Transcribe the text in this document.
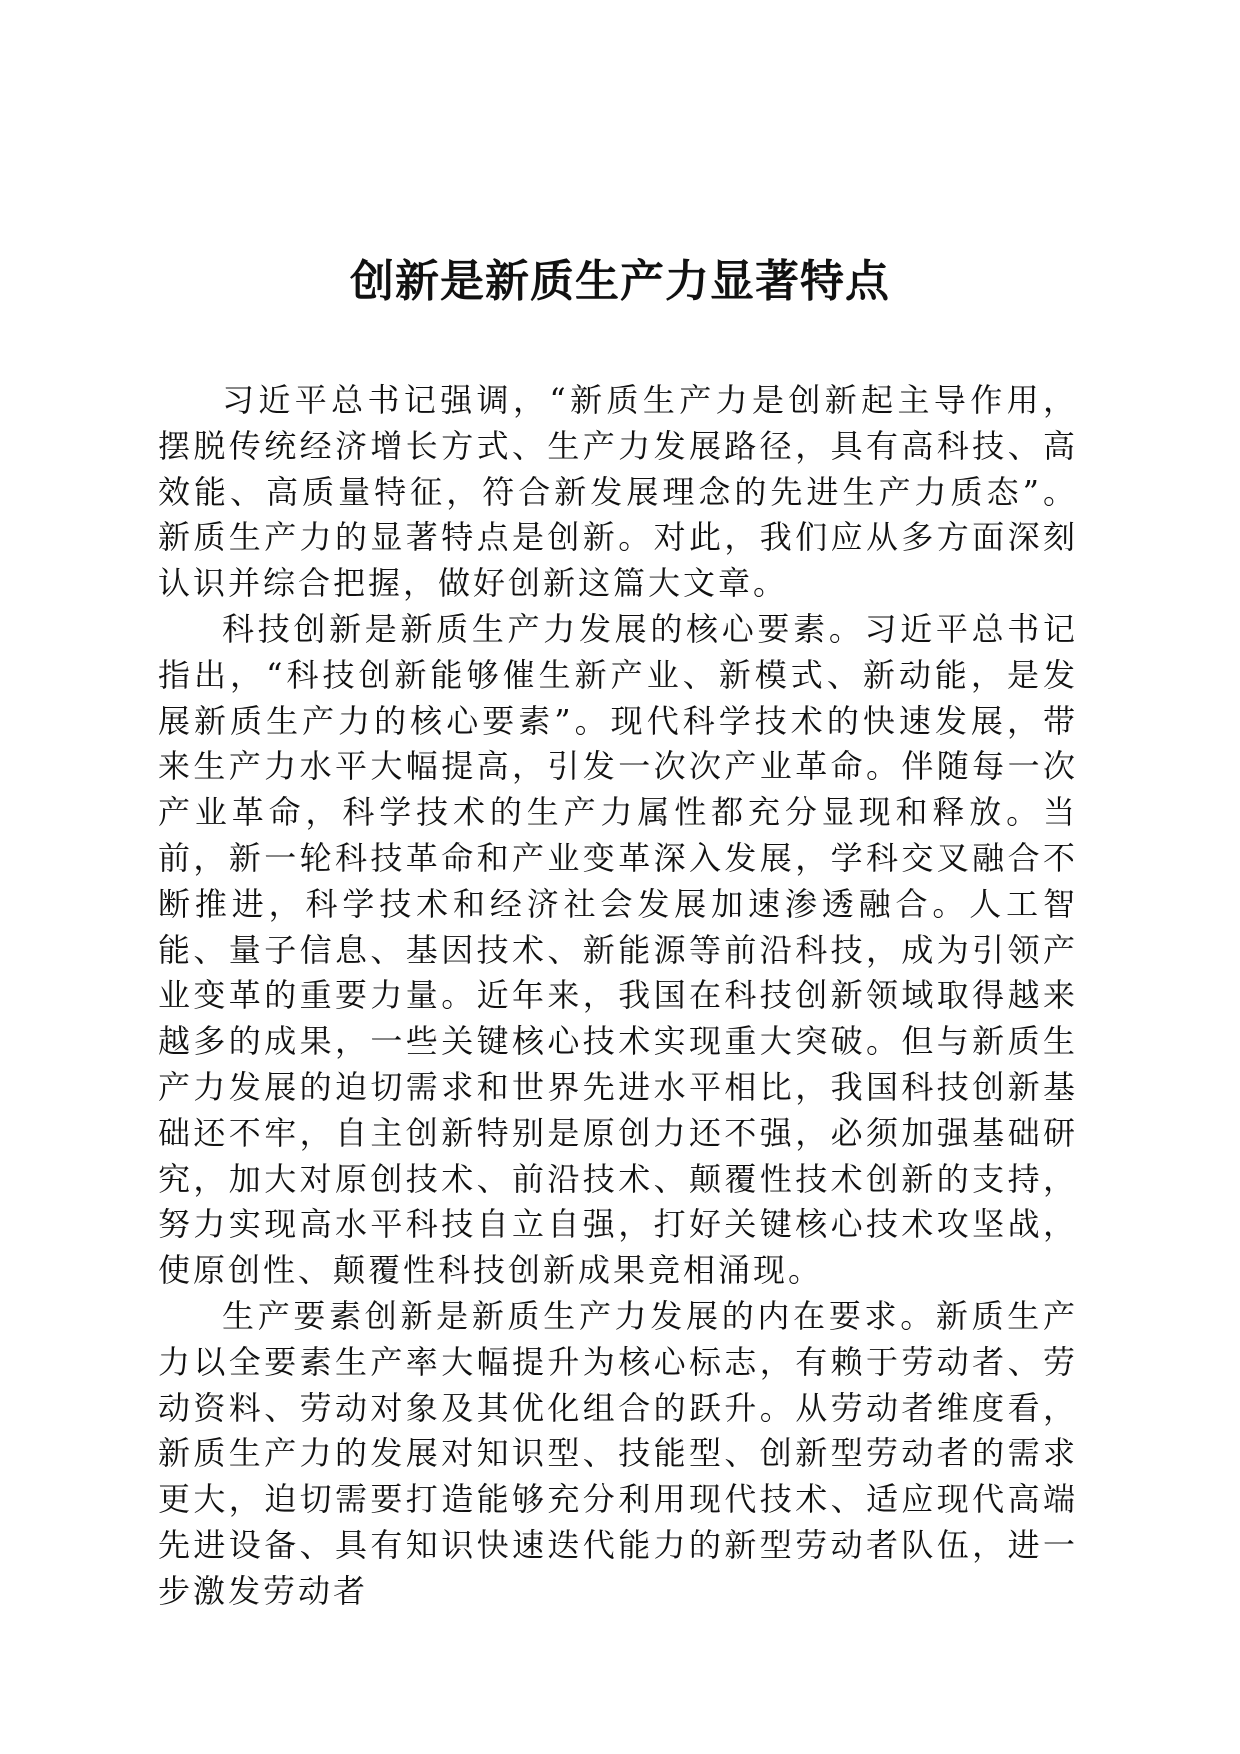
创新是新质生产力显著特点

习近平总书记强调，“新质生产力是创新起主导作用，摆脱传统经济增长方式、生产力发展路径，具有高科技、高效能、高质量特征，符合新发展理念的先进生产力质态”。新质生产力的显著特点是创新。对此，我们应从多方面深刻认识并综合把握，做好创新这篇大文章。

科技创新是新质生产力发展的核心要素。习近平总书记指出，“科技创新能够催生新产业、新模式、新动能，是发展新质生产力的核心要素”。现代科学技术的快速发展，带来生产力水平大幅提高，引发一次次产业革命。伴随每一次产业革命，科学技术的生产力属性都充分显现和释放。当前，新一轮科技革命和产业变革深入发展，学科交叉融合不断推进，科学技术和经济社会发展加速渗透融合。人工智能、量子信息、基因技术、新能源等前沿科技，成为引领产业变革的重要力量。近年来，我国在科技创新领域取得越来越多的成果，一些关键核心技术实现重大突破。但与新质生产力发展的迫切需求和世界先进水平相比，我国科技创新基础还不牢，自主创新特别是原创力还不强，必须加强基础研究，加大对原创技术、前沿技术、颠覆性技术创新的支持，努力实现高水平科技自立自强，打好关键核心技术攻坚战，使原创性、颠覆性科技创新成果竞相涌现。

生产要素创新是新质生产力发展的内在要求。新质生产力以全要素生产率大幅提升为核心标志，有赖于劳动者、劳动资料、劳动对象及其优化组合的跃升。从劳动者维度看，新质生产力的发展对知识型、技能型、创新型劳动者的需求更大，迫切需要打造能够充分利用现代技术、适应现代高端先进设备、具有知识快速迭代能力的新型劳动者队伍，进一步激发劳动者
